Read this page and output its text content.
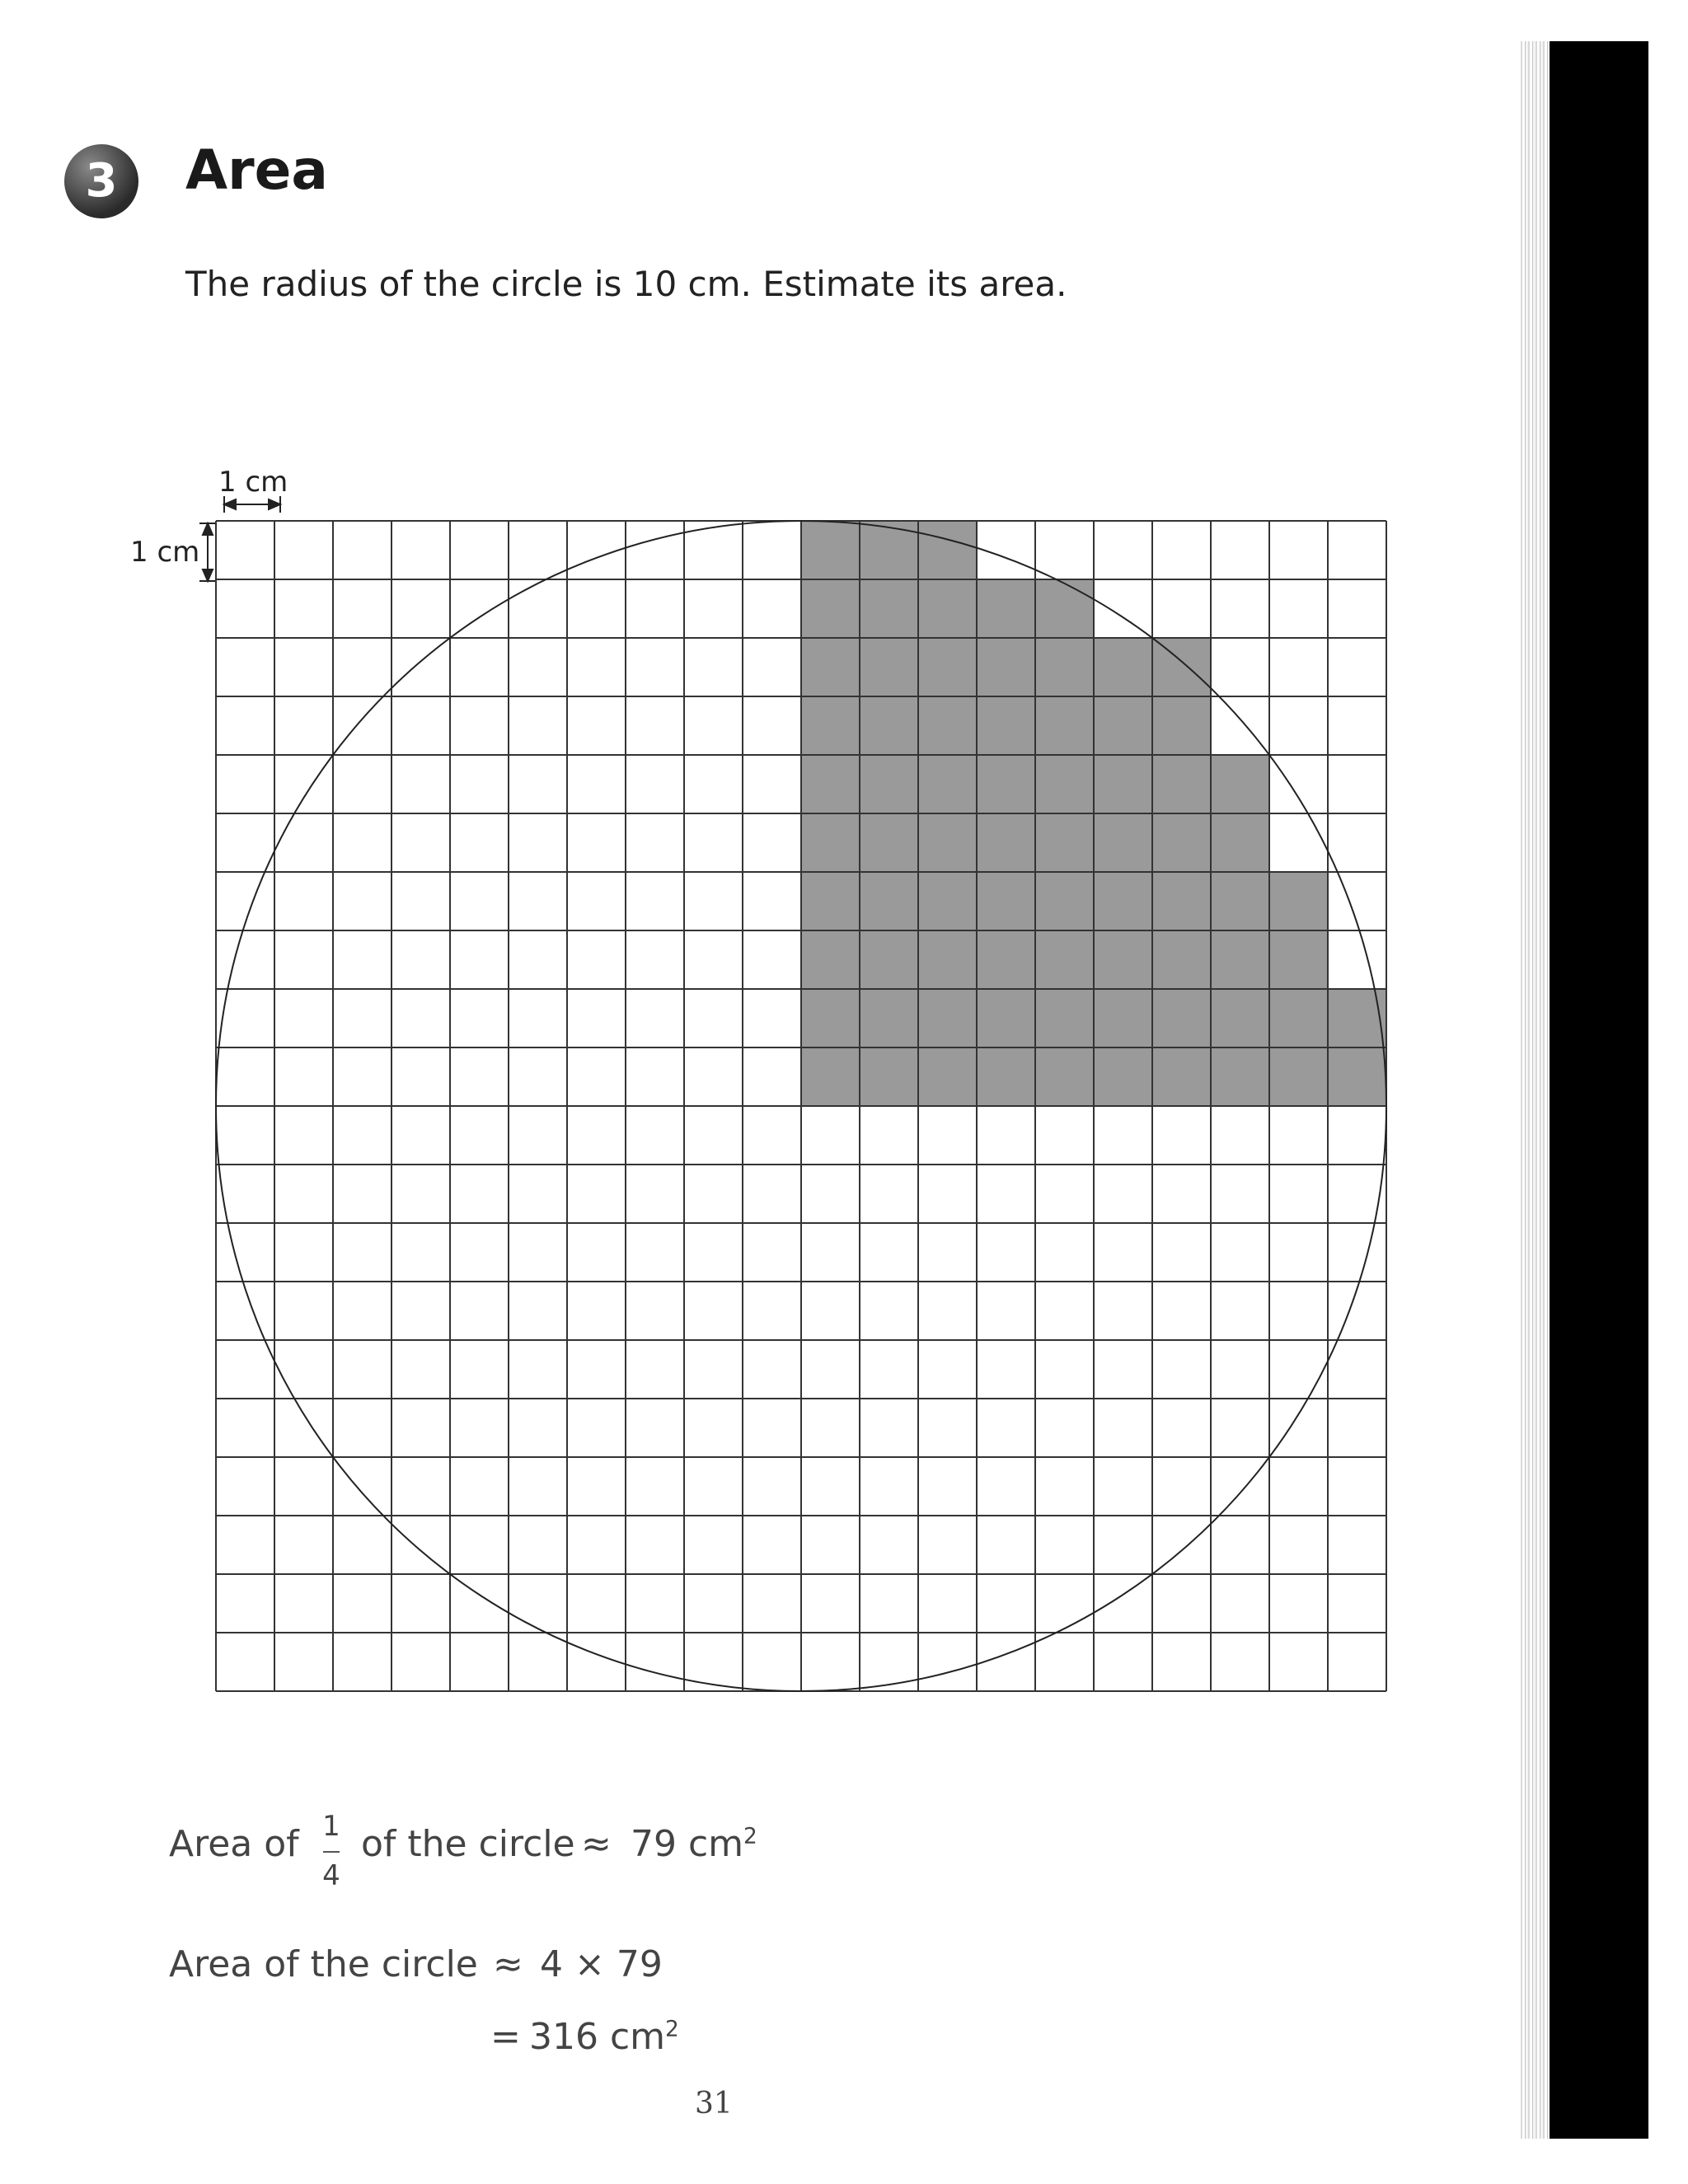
3	Area
The radius of the circle is 10 cm. Estimate its area.
1 cm
1 cm
Area of 1
4
of the circle ≈ 79 $cm^2$
Area of the circle ≈ 4 × 79
= 316 $cm^2$
31
